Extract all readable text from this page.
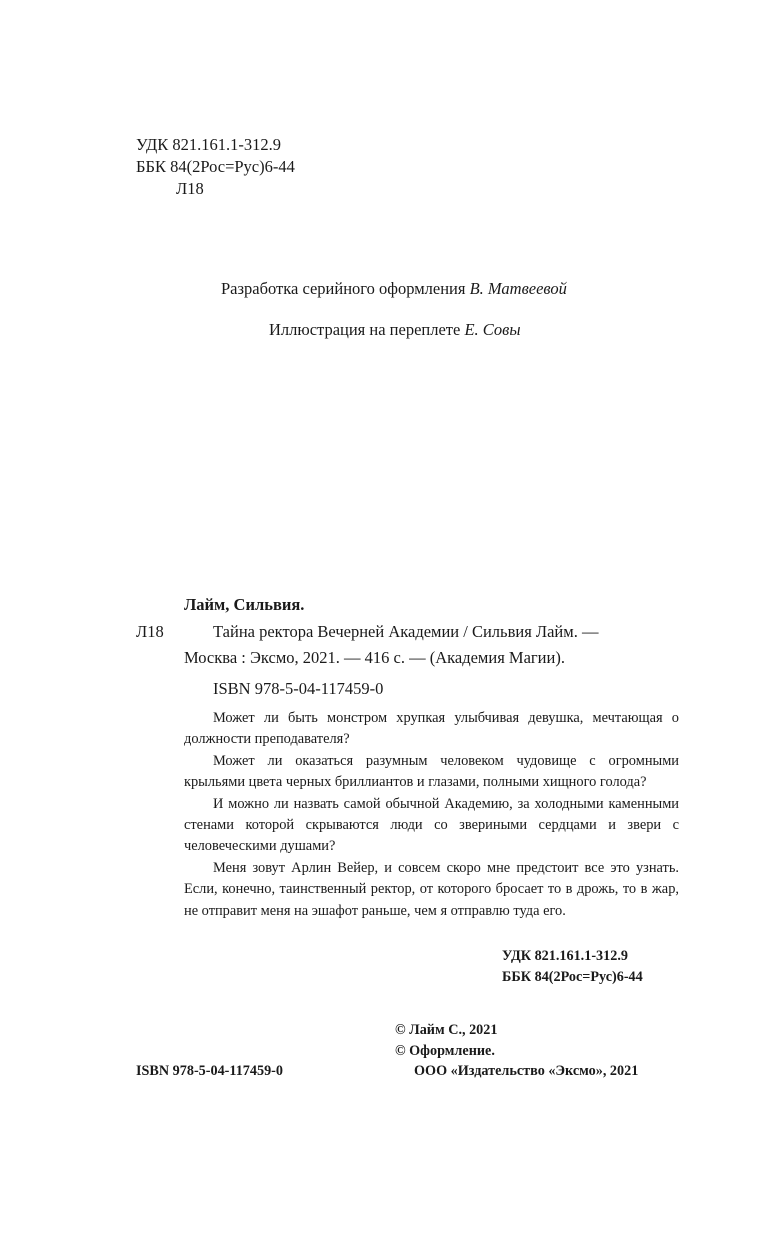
УДК 821.161.1-312.9
ББК 84(2Рос=Рус)6-44
Л18
Разработка серийного оформления В. Матвеевой
Иллюстрация на переплете Е. Совы
Лайм, Сильвия.
Л18	Тайна ректора Вечерней Академии / Сильвия Лайм. —
Москва : Эксмо, 2021. — 416 с. — (Академия Магии).
ISBN 978-5-04-117459-0

Может ли быть монстром хрупкая улыбчивая девушка, мечтающая о должности преподавателя?

Может ли оказаться разумным человеком чудовище с огромными крыльями цвета черных бриллиантов и глазами, полными хищного голода?

И можно ли назвать самой обычной Академию, за холодными каменными стенами которой скрываются люди со звериными сердцами и звери с человеческими душами?

Меня зовут Арлин Вейер, и совсем скоро мне предстоит все это узнать. Если, конечно, таинственный ректор, от которого бросает то в дрожь, то в жар, не отправит меня на эшафот раньше, чем я отправлю туда его.

УДК 821.161.1-312.9
ББК 84(2Рос=Рус)6-44
© Лайм С., 2021
© Оформление.
ISBN 978-5-04-117459-0	ООО «Издательство «Эксмо», 2021
